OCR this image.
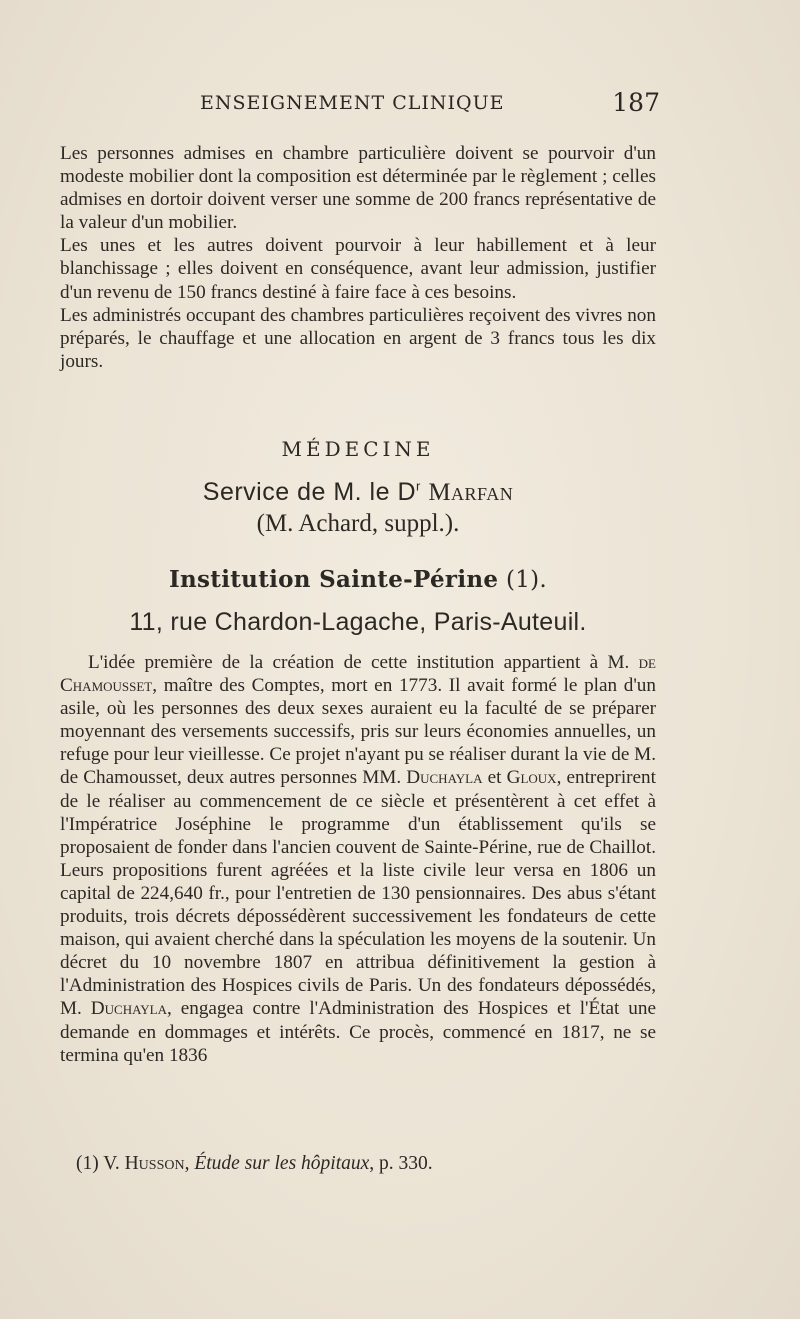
ENSEIGNEMENT CLINIQUE	187

Les personnes admises en chambre particulière doivent se pourvoir d'un modeste mobilier dont la composition est déterminée par le règlement ; celles admises en dortoir doivent verser une somme de 200 francs représentative de la valeur d'un mobilier.

Les unes et les autres doivent pourvoir à leur habillement et à leur blanchissage ; elles doivent en conséquence, avant leur admission, justifier d'un revenu de 150 francs destiné à faire face à ces besoins.

Les administrés occupant des chambres particulières reçoivent des vivres non préparés, le chauffage et une allocation en argent de 3 francs tous les dix jours.

MÉDECINE
Service de M. le $D^r$ Marfan
(M. Achard, suppl.).
Institution Sainte-Périne (1).
11, rue Chardon-Lagache, Paris-Auteuil.

L'idée première de la création de cette institution appartient à M. de Chamousset, maître des Comptes, mort en 1773. Il avait formé le plan d'un asile, où les personnes des deux sexes auraient eu la faculté de se préparer moyennant des versements successifs, pris sur leurs économies annuelles, un refuge pour leur vieillesse. Ce projet n'ayant pu se réaliser durant la vie de M. de Chamousset, deux autres personnes MM. Duchayla et Gloux, entreprirent de le réaliser au commencement de ce siècle et présentèrent à cet effet à l'Impératrice Joséphine le programme d'un établissement qu'ils se proposaient de fonder dans l'ancien couvent de Sainte-Périne, rue de Chaillot. Leurs propositions furent agréées et la liste civile leur versa en 1806 un capital de 224,640 fr., pour l'entretien de 130 pensionnaires. Des abus s'étant produits, trois décrets dépossédèrent successivement les fondateurs de cette maison, qui avaient cherché dans la spéculation les moyens de la soutenir. Un décret du 10 novembre 1807 en attribua définitivement la gestion à l'Administration des Hospices civils de Paris. Un des fondateurs dépossédés, M. Duchayla, engagea contre l'Administration des Hospices et l'État une demande en dommages et intérêts. Ce procès, commencé en 1817, ne se termina qu'en 1836

(1) V. Husson, Étude sur les hôpitaux, p. 330.
